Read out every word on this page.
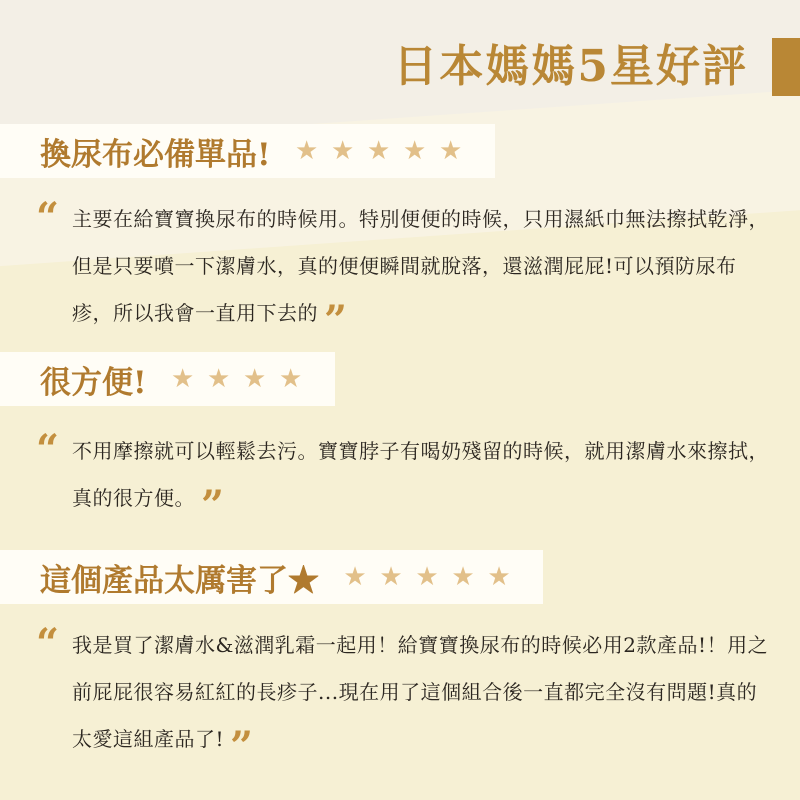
日本媽媽5星好評
換尿布必備單品! ★ ★ ★ ★ ★
“ 主要在給寶寶換尿布的時候用。特別便便的時候，只用濕紙巾無法擦拭乾淨，但是只要噴一下潔膚水，真的便便瞬間就脫落，還滋潤屁屁!可以預防尿布疹，所以我會一直用下去的 ”
很方便! ★ ★ ★ ★
“ 不用摩擦就可以輕鬆去污。寶寶脖子有喝奶殘留的時候，就用潔膚水來擦拭，真的很方便。 ”
這個產品太厲害了★ ★ ★ ★ ★ ★
“ 我是買了潔膚水&滋潤乳霜一起用！給寶寶換尿布的時候必用2款產品!！用之前屁屁很容易紅紅的長疹子...現在用了這個組合後一直都完全沒有問題!真的太愛這組產品了! ”
